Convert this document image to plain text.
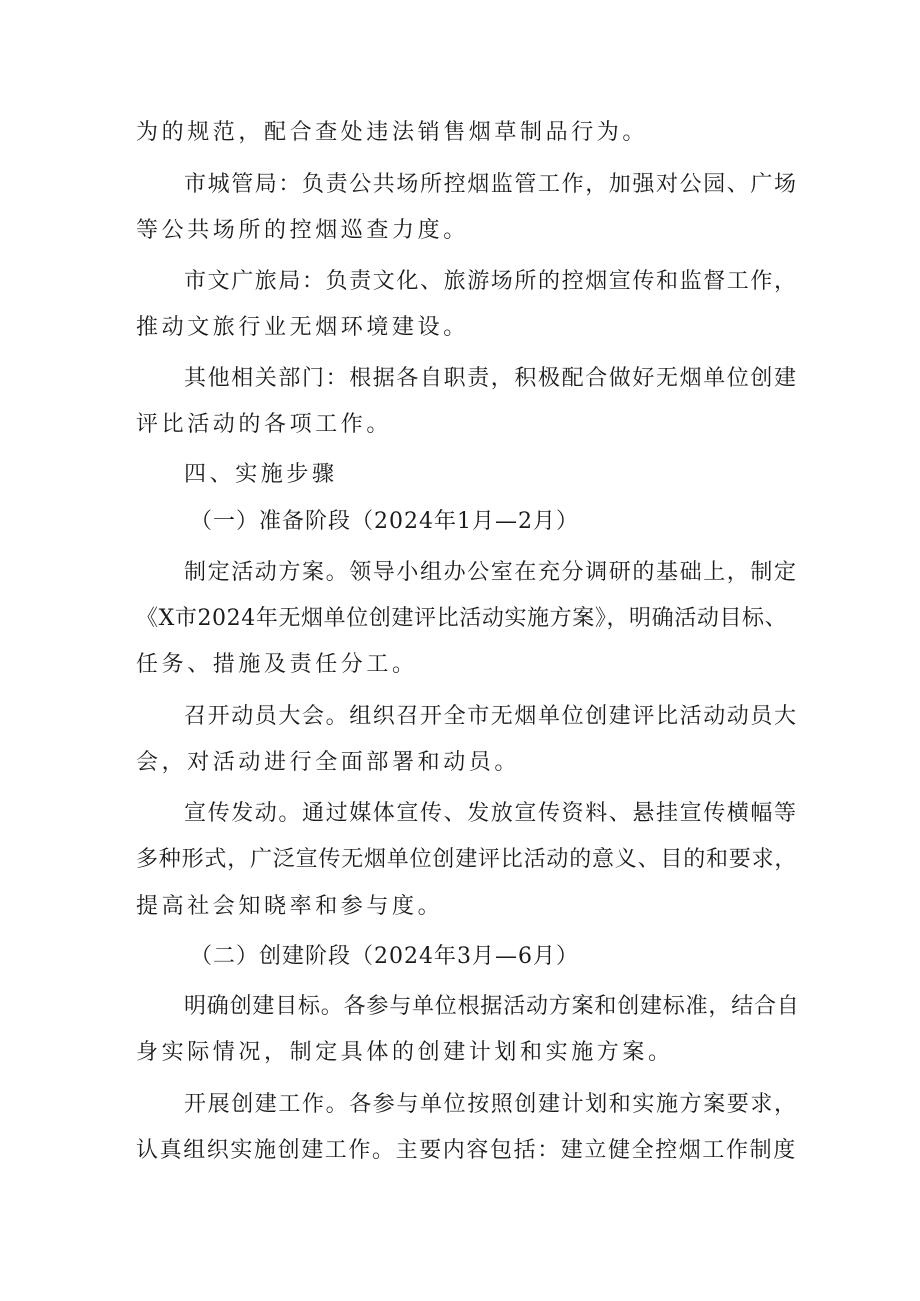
为的规范，配合查处违法销售烟草制品行为。
市城管局：负责公共场所控烟监管工作，加强对公园、广场
等公共场所的控烟巡查力度。
市文广旅局：负责文化、旅游场所的控烟宣传和监督工作，
推动文旅行业无烟环境建设。
其他相关部门：根据各自职责，积极配合做好无烟单位创建
评比活动的各项工作。
四、实施步骤
（一）准备阶段（2024年1月—2月）
制定活动方案。领导小组办公室在充分调研的基础上，制定
《X市2024年无烟单位创建评比活动实施方案》，明确活动目标、
任务、措施及责任分工。
召开动员大会。组织召开全市无烟单位创建评比活动动员大
会，对活动进行全面部署和动员。
宣传发动。通过媒体宣传、发放宣传资料、悬挂宣传横幅等
多种形式，广泛宣传无烟单位创建评比活动的意义、目的和要求，
提高社会知晓率和参与度。
（二）创建阶段（2024年3月—6月）
明确创建目标。各参与单位根据活动方案和创建标准，结合自
身实际情况，制定具体的创建计划和实施方案。
开展创建工作。各参与单位按照创建计划和实施方案要求，
认真组织实施创建工作。主要内容包括：建立健全控烟工作制度
